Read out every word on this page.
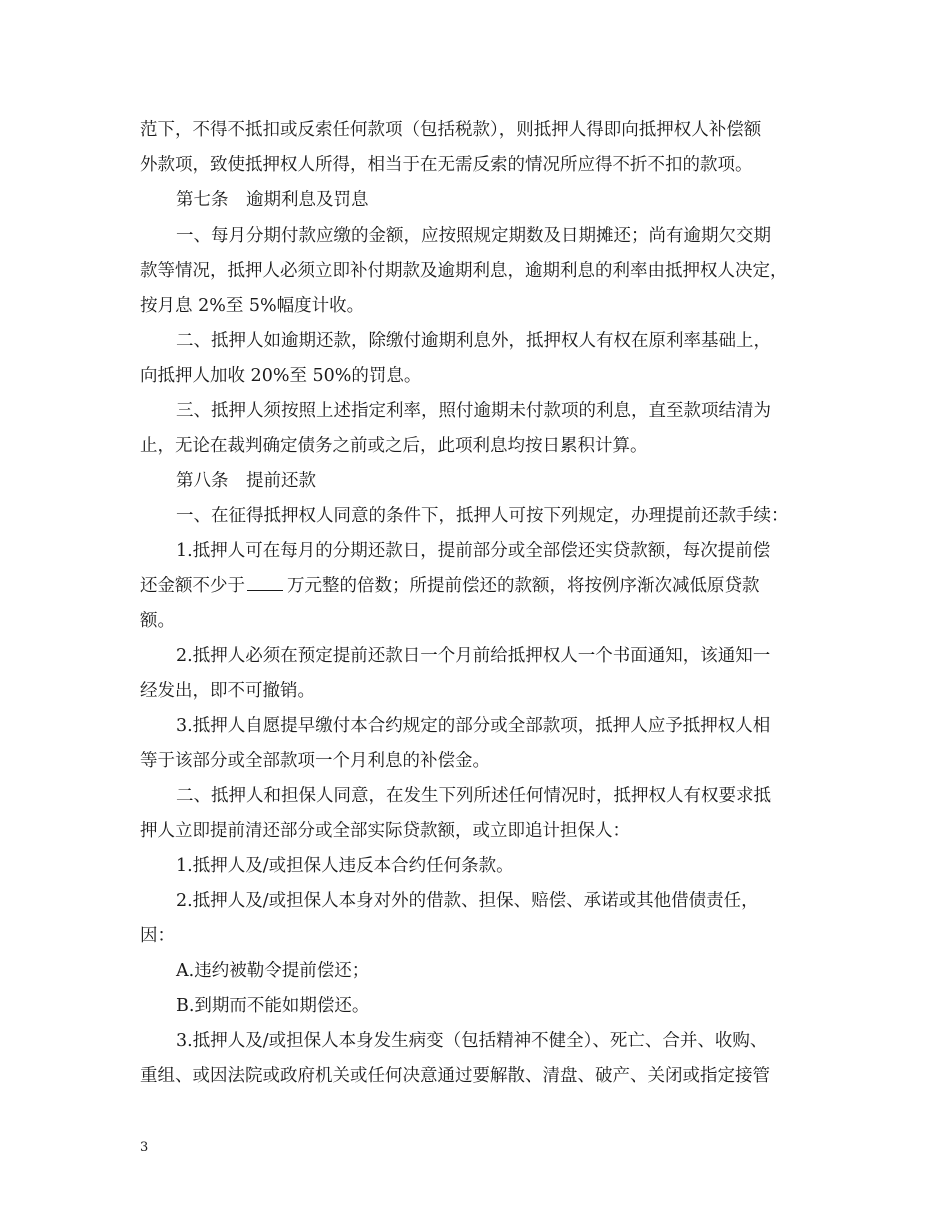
范下，不得不抵扣或反索任何款项（包括税款），则抵押人得即向抵押权人补偿额
外款项，致使抵押权人所得，相当于在无需反索的情况所应得不折不扣的款项。
第七条　逾期利息及罚息
一、每月分期付款应缴的金额，应按照规定期数及日期摊还；尚有逾期欠交期
款等情况，抵押人必须立即补付期款及逾期利息，逾期利息的利率由抵押权人决定，
按月息 2%至 5%幅度计收。
二、抵押人如逾期还款，除缴付逾期利息外，抵押权人有权在原利率基础上，
向抵押人加收 20%至 50%的罚息。
三、抵押人须按照上述指定利率，照付逾期未付款项的利息，直至款项结清为
止，无论在裁判确定债务之前或之后，此项利息均按日累积计算。
第八条　提前还款
一、在征得抵押权人同意的条件下，抵押人可按下列规定，办理提前还款手续：
1.抵押人可在每月的分期还款日，提前部分或全部偿还实贷款额，每次提前偿
还金额不少于 万元整的倍数；所提前偿还的款额，将按例序渐次减低原贷款
额。
2.抵押人必须在预定提前还款日一个月前给抵押权人一个书面通知，该通知一
经发出，即不可撤销。
3.抵押人自愿提早缴付本合约规定的部分或全部款项，抵押人应予抵押权人相
等于该部分或全部款项一个月利息的补偿金。
二、抵押人和担保人同意，在发生下列所述任何情况时，抵押权人有权要求抵
押人立即提前清还部分或全部实际贷款额，或立即追计担保人：
1.抵押人及/或担保人违反本合约任何条款。
2.抵押人及/或担保人本身对外的借款、担保、赔偿、承诺或其他借债责任，
因：
A.违约被勒令提前偿还；
B.到期而不能如期偿还。
3.抵押人及/或担保人本身发生病变（包括精神不健全）、死亡、合并、收购、
重组、或因法院或政府机关或任何决意通过要解散、清盘、破产、关闭或指定接管
3
